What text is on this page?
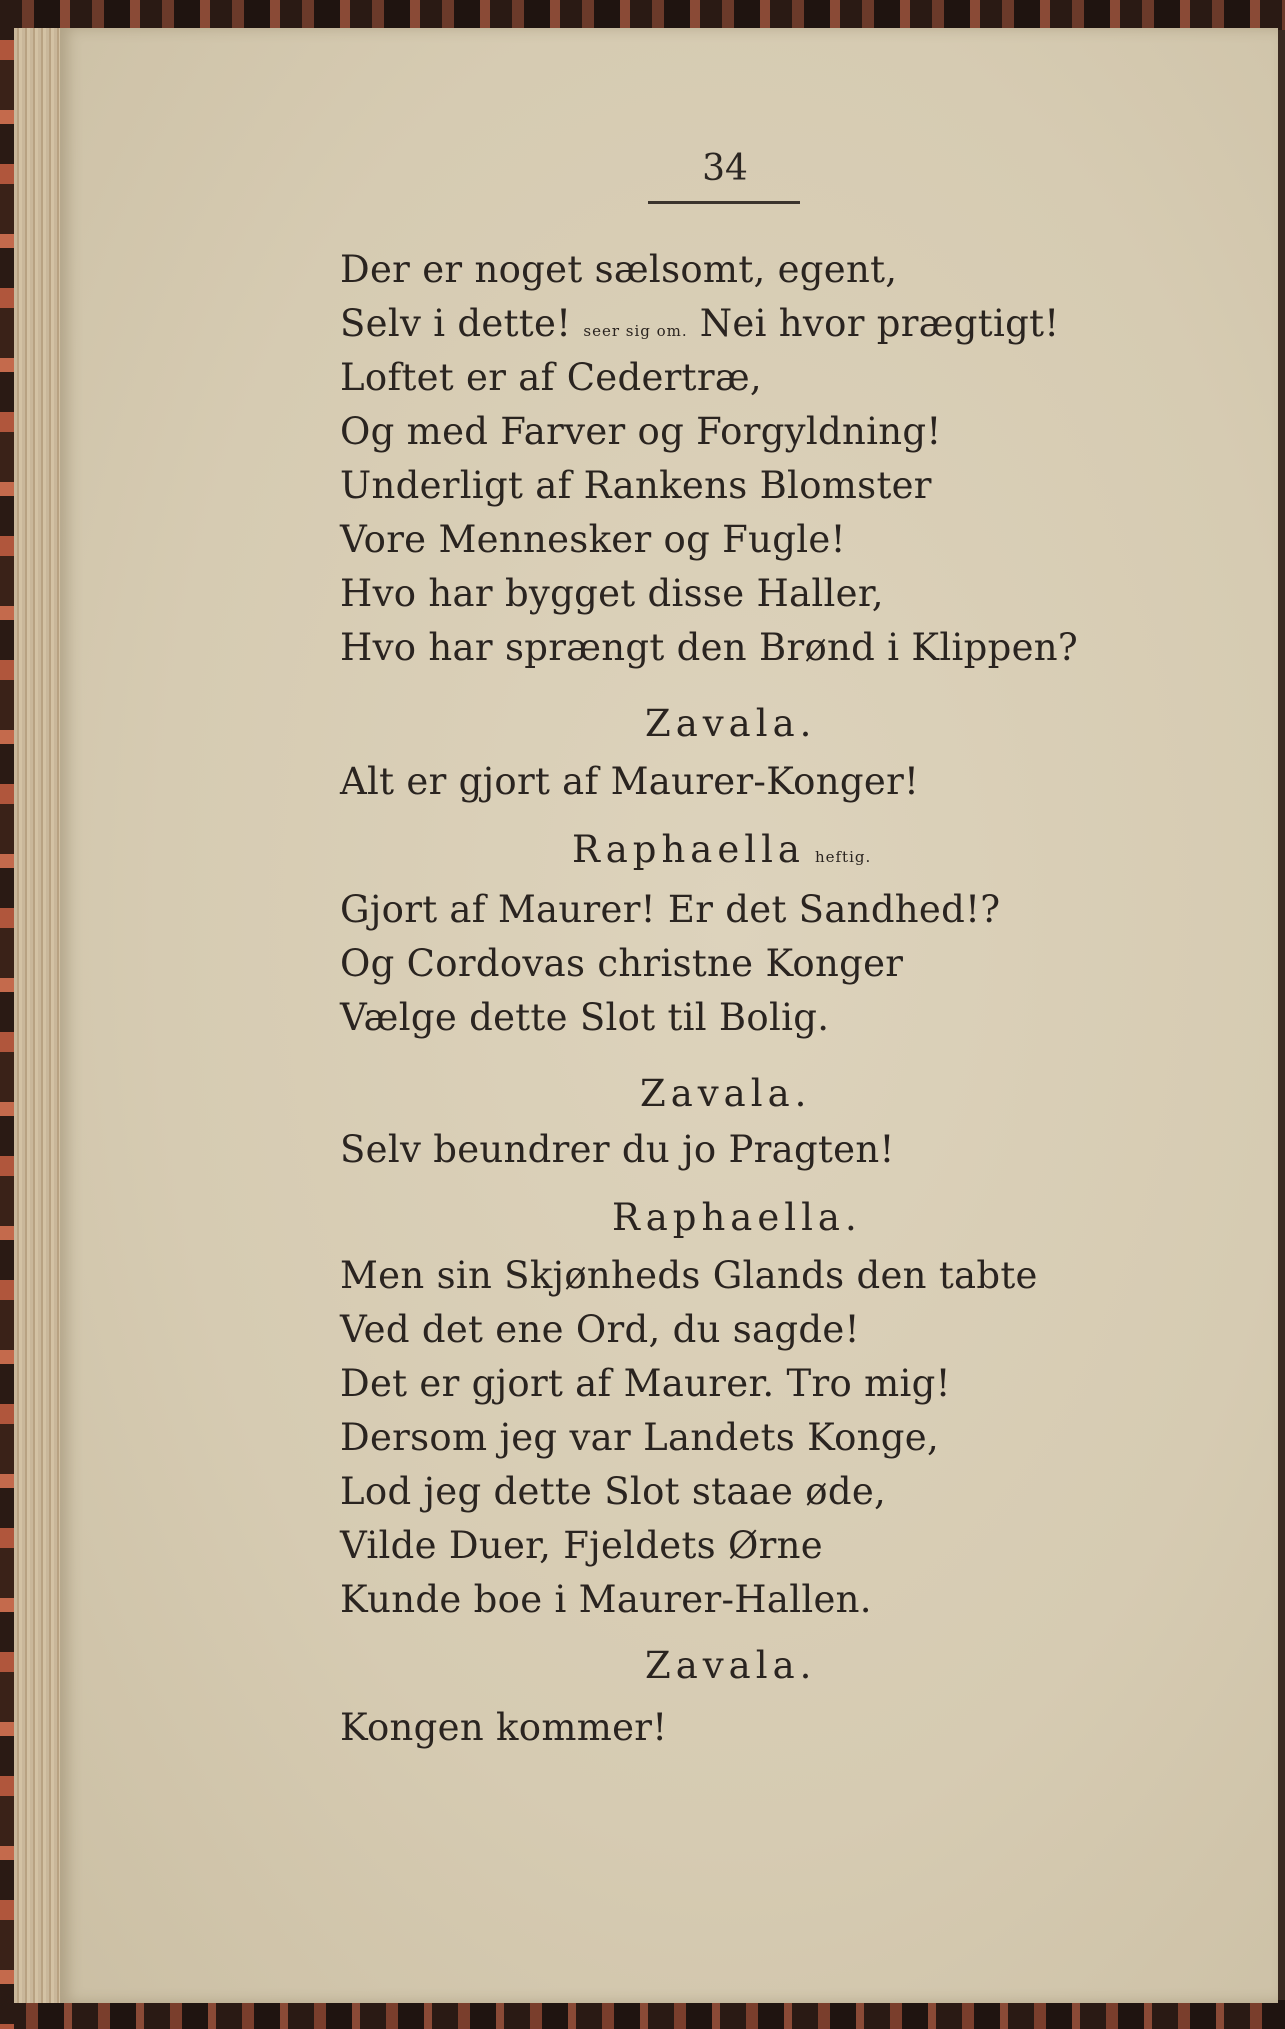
34
Der er noget sælsomt, egent,
Selv i dette! seer sig om. Nei hvor prægtigt!
Loftet er af Cedertræ,
Og med Farver og Forgyldning!
Underligt af Rankens Blomster
Vore Mennesker og Fugle!
Hvo har bygget disse Haller,
Hvo har sprængt den Brønd i Klippen?
Zavala.
Alt er gjort af Maurer-Konger!
Raphaella heftig.
Gjort af Maurer! Er det Sandhed!?
Og Cordovas christne Konger
Vælge dette Slot til Bolig.
Zavala.
Selv beundrer du jo Pragten!
Raphaella.
Men sin Skjønheds Glands den tabte
Ved det ene Ord, du sagde!
Det er gjort af Maurer. Tro mig!
Dersom jeg var Landets Konge,
Lod jeg dette Slot staae øde,
Vilde Duer, Fjeldets Ørne
Kunde boe i Maurer-Hallen.
Zavala.
Kongen kommer!
